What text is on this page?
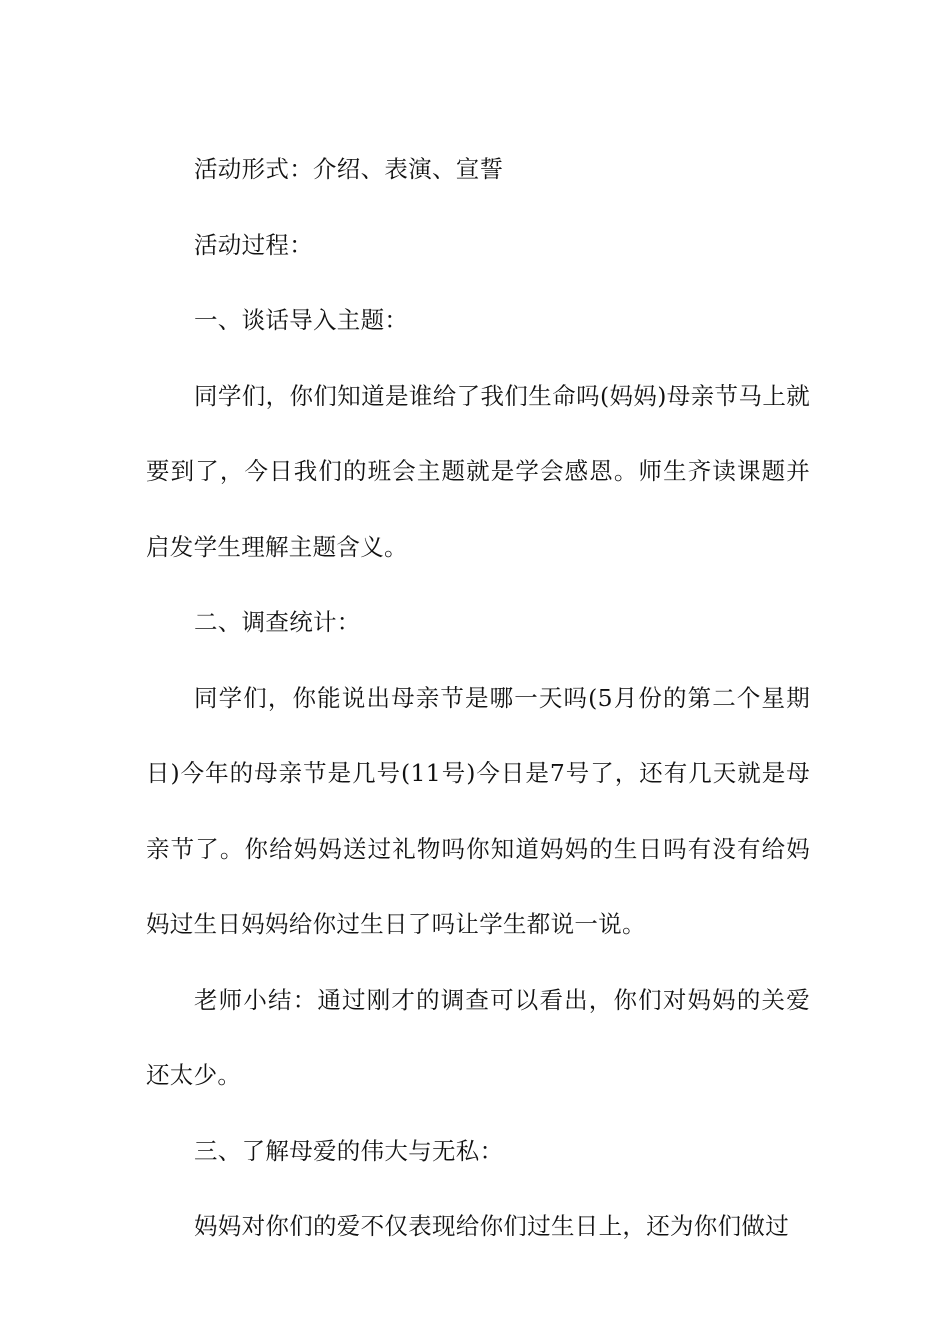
活动形式：介绍、表演、宣誓

活动过程：

一、谈话导入主题：

同学们，你们知道是谁给了我们生命吗(妈妈)母亲节马上就要到了，今日我们的班会主题就是学会感恩。师生齐读课题并启发学生理解主题含义。

二、调查统计：

同学们，你能说出母亲节是哪一天吗(5月份的第二个星期日)今年的母亲节是几号(11号)今日是7号了，还有几天就是母亲节了。你给妈妈送过礼物吗你知道妈妈的生日吗有没有给妈妈过生日妈妈给你过生日了吗让学生都说一说。

老师小结：通过刚才的调查可以看出，你们对妈妈的关爱还太少。

三、了解母爱的伟大与无私：

妈妈对你们的爱不仅表现给你们过生日上，还为你们做过
